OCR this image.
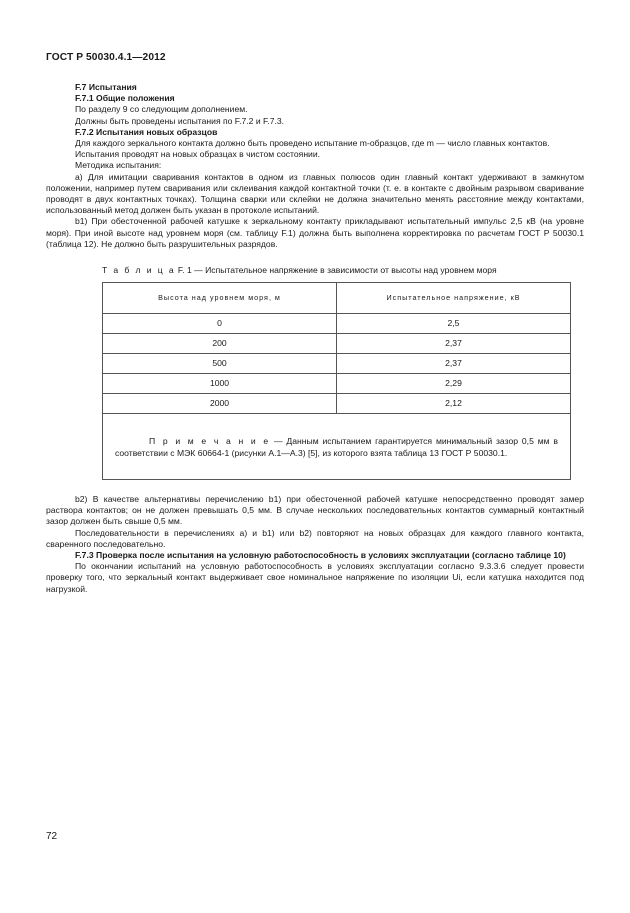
ГОСТ Р 50030.4.1—2012

F.7 Испытания

F.7.1 Общие положения

По разделу 9 со следующим дополнением.

Должны быть проведены испытания по F.7.2 и F.7.3.

F.7.2 Испытания новых образцов

Для каждого зеркального контакта должно быть проведено испытание m-образцов, где m — число главных контактов.

Испытания проводят на новых образцах в чистом состоянии.

Методика испытания:

а) Для имитации сваривания контактов в одном из главных полюсов один главный контакт удерживают в замкнутом положении, например путем сваривания или склеивания каждой контактной точки (т. е. в контакте с двойным разрывом сваривание проводят в двух контактных точках). Толщина сварки или склейки не должна значительно менять расстояние между контактами, использованный метод должен быть указан в протоколе испытаний.

b1) При обесточенной рабочей катушке к зеркальному контакту прикладывают испытательный импульс 2,5 кВ (на уровне моря). При иной высоте над уровнем моря (см. таблицу F.1) должна быть выполнена корректировка по расчетам ГОСТ Р 50030.1 (таблица 12). Не должно быть разрушительных разрядов.

Т а б л и ц а F. 1 — Испытательное напряжение в зависимости от высоты над уровнем моря
Высота над уровнем моря, м	Испытательное напряжение, кВ
0	2,5
200	2,37
500	2,37
1000	2,29
2000	2,12
П р и м е ч а н и е — Данным испытанием гарантируется минимальный зазор 0,5 мм в соответствии с МЭК 60664-1 (рисунки А.1—А.3) [5], из которого взята таблица 13 ГОСТ Р 50030.1.	

b2) В качестве альтернативы перечислению b1) при обесточенной рабочей катушке непосредственно проводят замер раствора контактов; он не должен превышать 0,5 мм. В случае нескольких последовательных контактов суммарный контактный зазор должен быть свыше 0,5 мм.

Последовательности в перечислениях а) и b1) или b2) повторяют на новых образцах для каждого главного контакта, сваренного последовательно.

F.7.3 Проверка после испытания на условную работоспособность в условиях эксплуатации (согласно таблице 10)

По окончании испытаний на условную работоспособность в условиях эксплуатации согласно 9.3.3.6 следует провести проверку того, что зеркальный контакт выдерживает свое номинальное напряжение по изоляции Ui, если катушка находится под нагрузкой.

72
